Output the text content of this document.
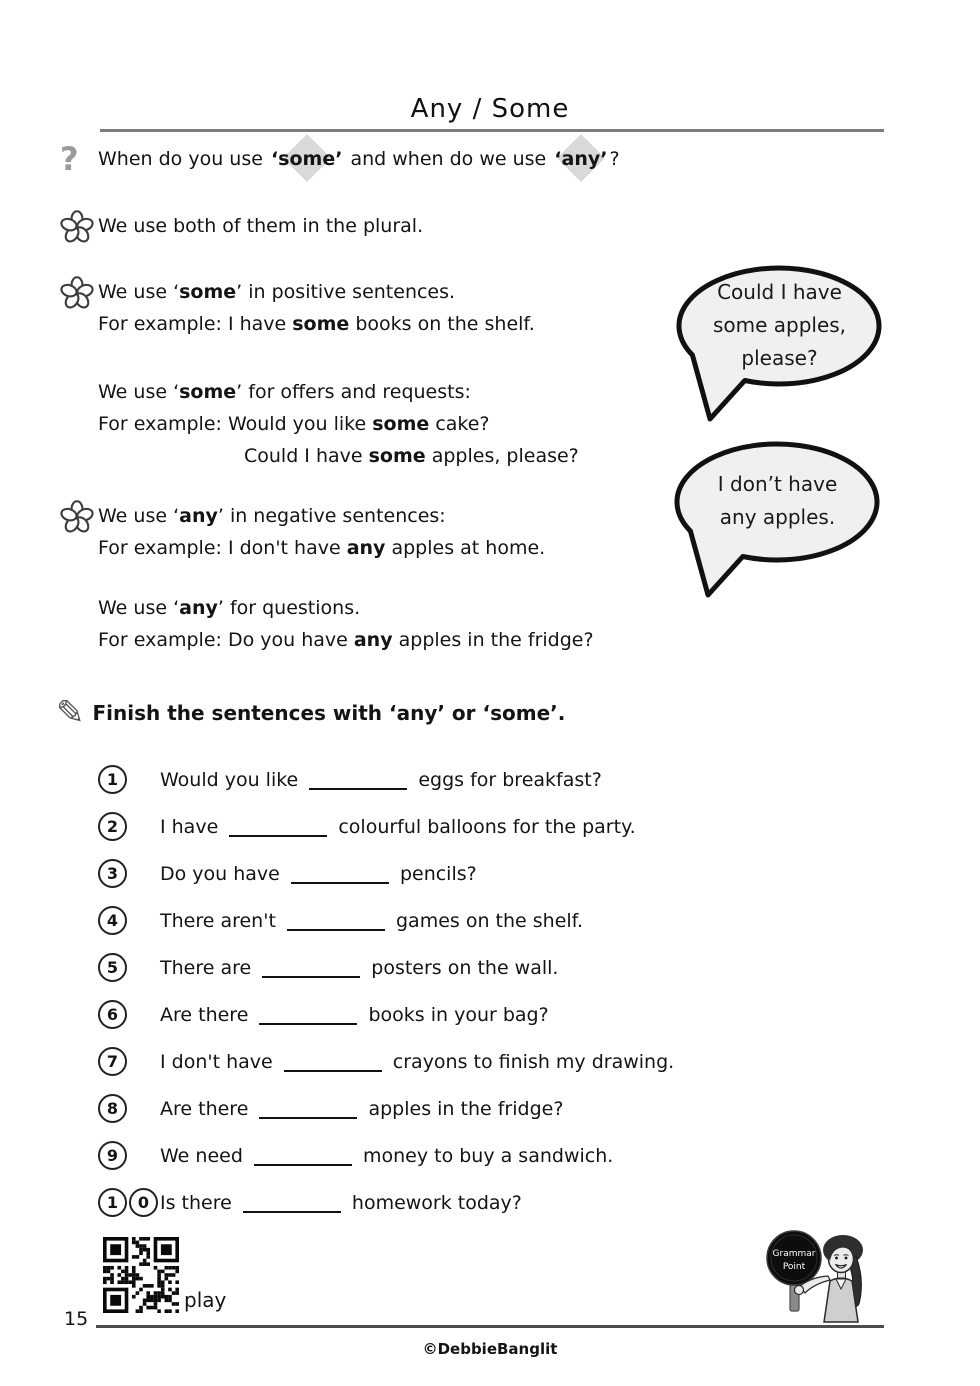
Any / Some
?	When do you use ‘some’ and when do we use ‘any’ ?
We use both of them in the plural.
We use ‘some’ in positive sentences.
For example: I have some books on the shelf.
We use ‘some’ for offers and requests:
For example: Would you like some cake?
Could I have some apples, please?
We use ‘any’ in negative sentences:
For example: I don't have any apples at home.
We use ‘any’ for questions.
For example: Do you have any apples in the fridge?
Could I have
some apples,
please?
I don’t have
any apples.
✎ Finish the sentences with ‘any’ or ‘some’.
1	Would you like	eggs for breakfast?
2	I have	colourful balloons for the party.
3	Do you have	pencils?
4	There aren't	games on the shelf.
5	There are	posters on the wall.
6	Are there	books in your bag?
7	I don't have	crayons to finish my drawing.
8	Are there	apples in the fridge?
9	We need	money to buy a sandwich.
1	0 Is there	homework today?
play
15
©DebbieBanglit
Grammar
Point
